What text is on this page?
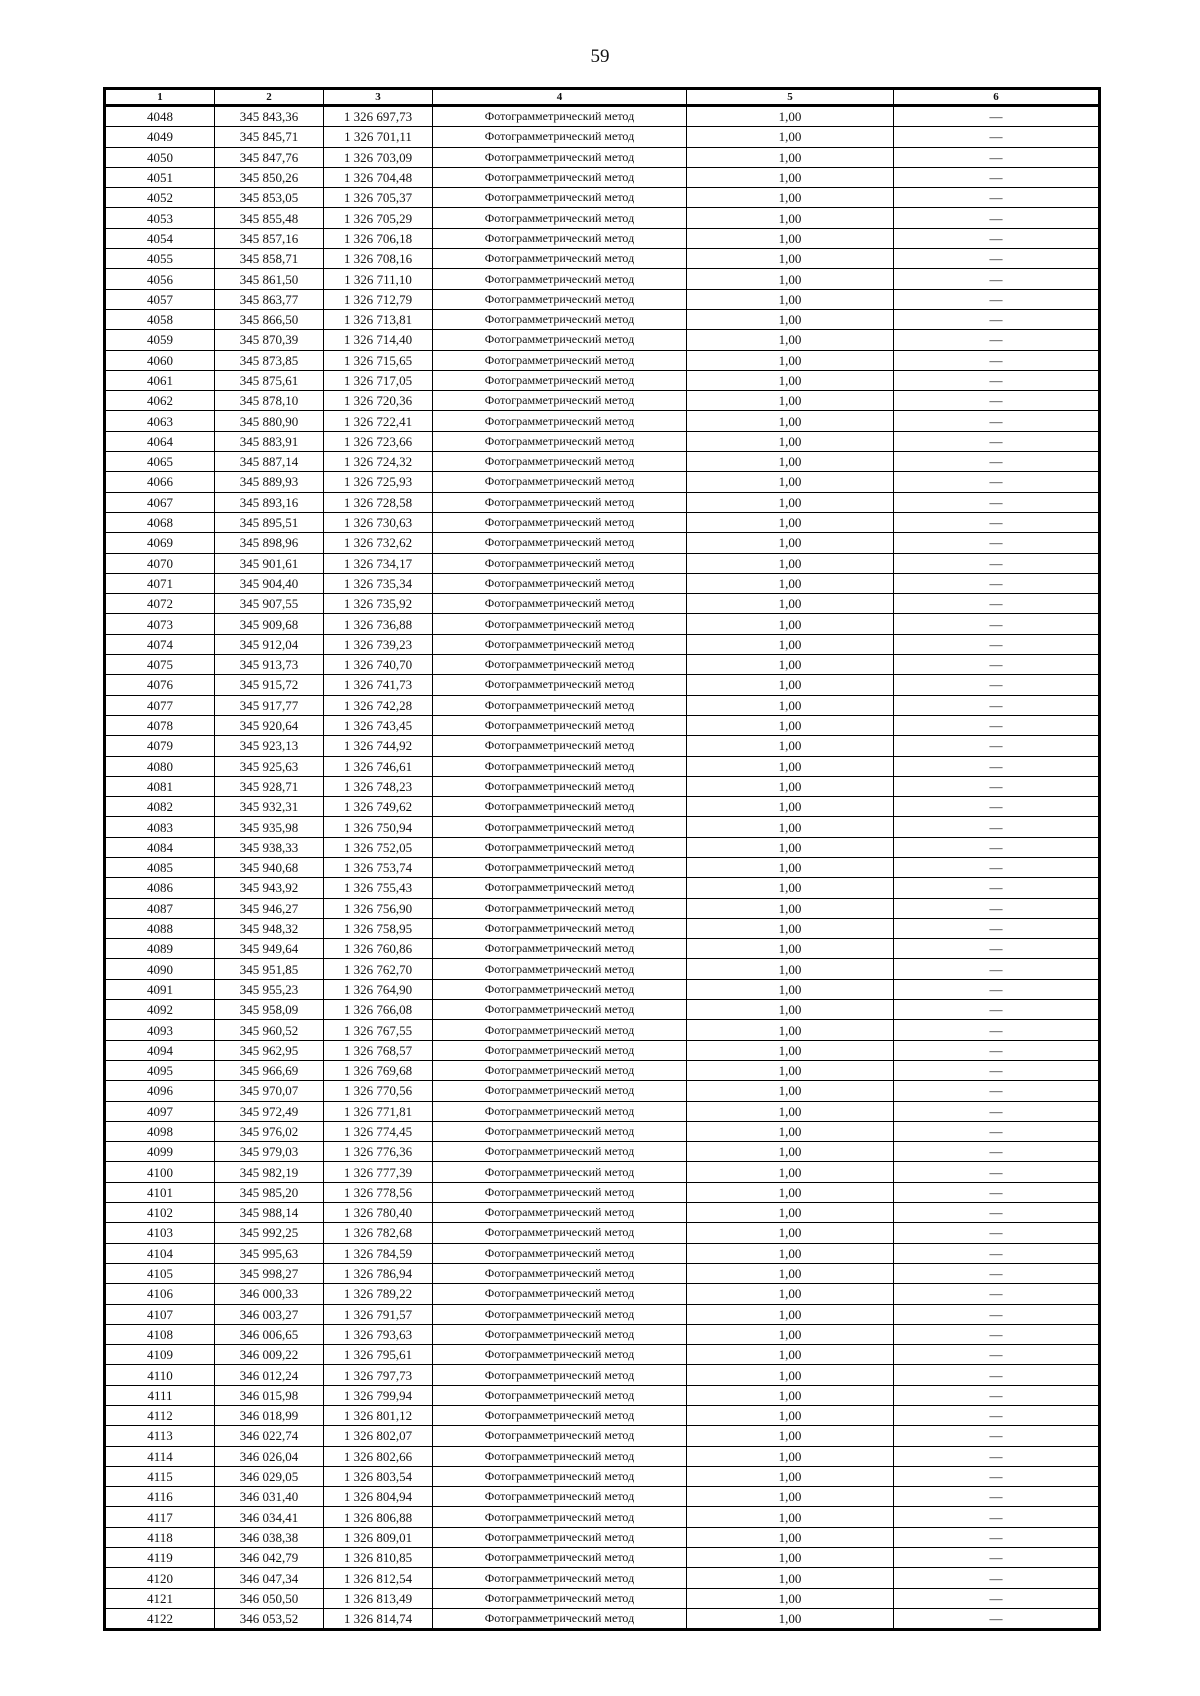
59
1	2	3	4	5	6
4048	345 843,36	1 326 697,73	Фотограмметрический метод	1,00	—
4049	345 845,71	1 326 701,11	Фотограмметрический метод	1,00	—
4050	345 847,76	1 326 703,09	Фотограмметрический метод	1,00	—
4051	345 850,26	1 326 704,48	Фотограмметрический метод	1,00	—
4052	345 853,05	1 326 705,37	Фотограмметрический метод	1,00	—
4053	345 855,48	1 326 705,29	Фотограмметрический метод	1,00	—
4054	345 857,16	1 326 706,18	Фотограмметрический метод	1,00	—
4055	345 858,71	1 326 708,16	Фотограмметрический метод	1,00	—
4056	345 861,50	1 326 711,10	Фотограмметрический метод	1,00	—
4057	345 863,77	1 326 712,79	Фотограмметрический метод	1,00	—
4058	345 866,50	1 326 713,81	Фотограмметрический метод	1,00	—
4059	345 870,39	1 326 714,40	Фотограмметрический метод	1,00	—
4060	345 873,85	1 326 715,65	Фотограмметрический метод	1,00	—
4061	345 875,61	1 326 717,05	Фотограмметрический метод	1,00	—
4062	345 878,10	1 326 720,36	Фотограмметрический метод	1,00	—
4063	345 880,90	1 326 722,41	Фотограмметрический метод	1,00	—
4064	345 883,91	1 326 723,66	Фотограмметрический метод	1,00	—
4065	345 887,14	1 326 724,32	Фотограмметрический метод	1,00	—
4066	345 889,93	1 326 725,93	Фотограмметрический метод	1,00	—
4067	345 893,16	1 326 728,58	Фотограмметрический метод	1,00	—
4068	345 895,51	1 326 730,63	Фотограмметрический метод	1,00	—
4069	345 898,96	1 326 732,62	Фотограмметрический метод	1,00	—
4070	345 901,61	1 326 734,17	Фотограмметрический метод	1,00	—
4071	345 904,40	1 326 735,34	Фотограмметрический метод	1,00	—
4072	345 907,55	1 326 735,92	Фотограмметрический метод	1,00	—
4073	345 909,68	1 326 736,88	Фотограмметрический метод	1,00	—
4074	345 912,04	1 326 739,23	Фотограмметрический метод	1,00	—
4075	345 913,73	1 326 740,70	Фотограмметрический метод	1,00	—
4076	345 915,72	1 326 741,73	Фотограмметрический метод	1,00	—
4077	345 917,77	1 326 742,28	Фотограмметрический метод	1,00	—
4078	345 920,64	1 326 743,45	Фотограмметрический метод	1,00	—
4079	345 923,13	1 326 744,92	Фотограмметрический метод	1,00	—
4080	345 925,63	1 326 746,61	Фотограмметрический метод	1,00	—
4081	345 928,71	1 326 748,23	Фотограмметрический метод	1,00	—
4082	345 932,31	1 326 749,62	Фотограмметрический метод	1,00	—
4083	345 935,98	1 326 750,94	Фотограмметрический метод	1,00	—
4084	345 938,33	1 326 752,05	Фотограмметрический метод	1,00	—
4085	345 940,68	1 326 753,74	Фотограмметрический метод	1,00	—
4086	345 943,92	1 326 755,43	Фотограмметрический метод	1,00	—
4087	345 946,27	1 326 756,90	Фотограмметрический метод	1,00	—
4088	345 948,32	1 326 758,95	Фотограмметрический метод	1,00	—
4089	345 949,64	1 326 760,86	Фотограмметрический метод	1,00	—
4090	345 951,85	1 326 762,70	Фотограмметрический метод	1,00	—
4091	345 955,23	1 326 764,90	Фотограмметрический метод	1,00	—
4092	345 958,09	1 326 766,08	Фотограмметрический метод	1,00	—
4093	345 960,52	1 326 767,55	Фотограмметрический метод	1,00	—
4094	345 962,95	1 326 768,57	Фотограмметрический метод	1,00	—
4095	345 966,69	1 326 769,68	Фотограмметрический метод	1,00	—
4096	345 970,07	1 326 770,56	Фотограмметрический метод	1,00	—
4097	345 972,49	1 326 771,81	Фотограмметрический метод	1,00	—
4098	345 976,02	1 326 774,45	Фотограмметрический метод	1,00	—
4099	345 979,03	1 326 776,36	Фотограмметрический метод	1,00	—
4100	345 982,19	1 326 777,39	Фотограмметрический метод	1,00	—
4101	345 985,20	1 326 778,56	Фотограмметрический метод	1,00	—
4102	345 988,14	1 326 780,40	Фотограмметрический метод	1,00	—
4103	345 992,25	1 326 782,68	Фотограмметрический метод	1,00	—
4104	345 995,63	1 326 784,59	Фотограмметрический метод	1,00	—
4105	345 998,27	1 326 786,94	Фотограмметрический метод	1,00	—
4106	346 000,33	1 326 789,22	Фотограмметрический метод	1,00	—
4107	346 003,27	1 326 791,57	Фотограмметрический метод	1,00	—
4108	346 006,65	1 326 793,63	Фотограмметрический метод	1,00	—
4109	346 009,22	1 326 795,61	Фотограмметрический метод	1,00	—
4110	346 012,24	1 326 797,73	Фотограмметрический метод	1,00	—
4111	346 015,98	1 326 799,94	Фотограмметрический метод	1,00	—
4112	346 018,99	1 326 801,12	Фотограмметрический метод	1,00	—
4113	346 022,74	1 326 802,07	Фотограмметрический метод	1,00	—
4114	346 026,04	1 326 802,66	Фотограмметрический метод	1,00	—
4115	346 029,05	1 326 803,54	Фотограмметрический метод	1,00	—
4116	346 031,40	1 326 804,94	Фотограмметрический метод	1,00	—
4117	346 034,41	1 326 806,88	Фотограмметрический метод	1,00	—
4118	346 038,38	1 326 809,01	Фотограмметрический метод	1,00	—
4119	346 042,79	1 326 810,85	Фотограмметрический метод	1,00	—
4120	346 047,34	1 326 812,54	Фотограмметрический метод	1,00	—
4121	346 050,50	1 326 813,49	Фотограмметрический метод	1,00	—
4122	346 053,52	1 326 814,74	Фотограмметрический метод	1,00	—
